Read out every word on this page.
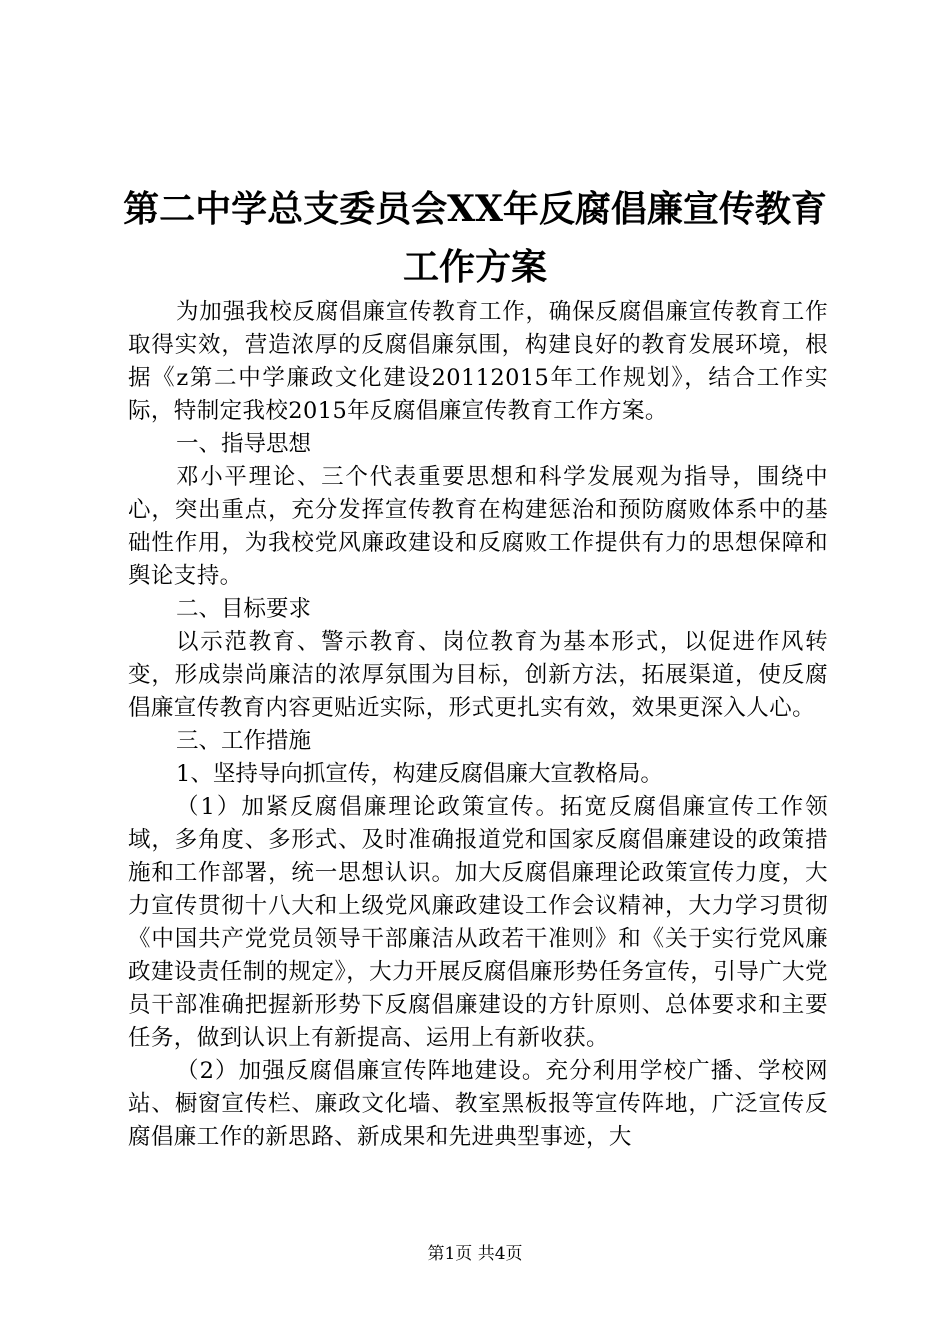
第二中学总支委员会XX年反腐倡廉宣传教育
工作方案

为加强我校反腐倡廉宣传教育工作，确保反腐倡廉宣传教育工作取得实效，营造浓厚的反腐倡廉氛围，构建良好的教育发展环境，根据《z第二中学廉政文化建设20112015年工作规划》，结合工作实际，特制定我校2015年反腐倡廉宣传教育工作方案。

一、指导思想

邓小平理论、三个代表重要思想和科学发展观为指导，围绕中心，突出重点，充分发挥宣传教育在构建惩治和预防腐败体系中的基础性作用，为我校党风廉政建设和反腐败工作提供有力的思想保障和舆论支持。

二、目标要求

以示范教育、警示教育、岗位教育为基本形式，以促进作风转变，形成崇尚廉洁的浓厚氛围为目标，创新方法，拓展渠道，使反腐倡廉宣传教育内容更贴近实际，形式更扎实有效，效果更深入人心。

三、工作措施

1、坚持导向抓宣传，构建反腐倡廉大宣教格局。

（1）加紧反腐倡廉理论政策宣传。拓宽反腐倡廉宣传工作领域，多角度、多形式、及时准确报道党和国家反腐倡廉建设的政策措施和工作部署，统一思想认识。加大反腐倡廉理论政策宣传力度，大力宣传贯彻十八大和上级党风廉政建设工作会议精神，大力学习贯彻《中国共产党党员领导干部廉洁从政若干准则》和《关于实行党风廉政建设责任制的规定》，大力开展反腐倡廉形势任务宣传，引导广大党员干部准确把握新形势下反腐倡廉建设的方针原则、总体要求和主要任务，做到认识上有新提高、运用上有新收获。

（2）加强反腐倡廉宣传阵地建设。充分利用学校广播、学校网站、橱窗宣传栏、廉政文化墙、教室黑板报等宣传阵地，广泛宣传反腐倡廉工作的新思路、新成果和先进典型事迹，大

第1页 共4页
